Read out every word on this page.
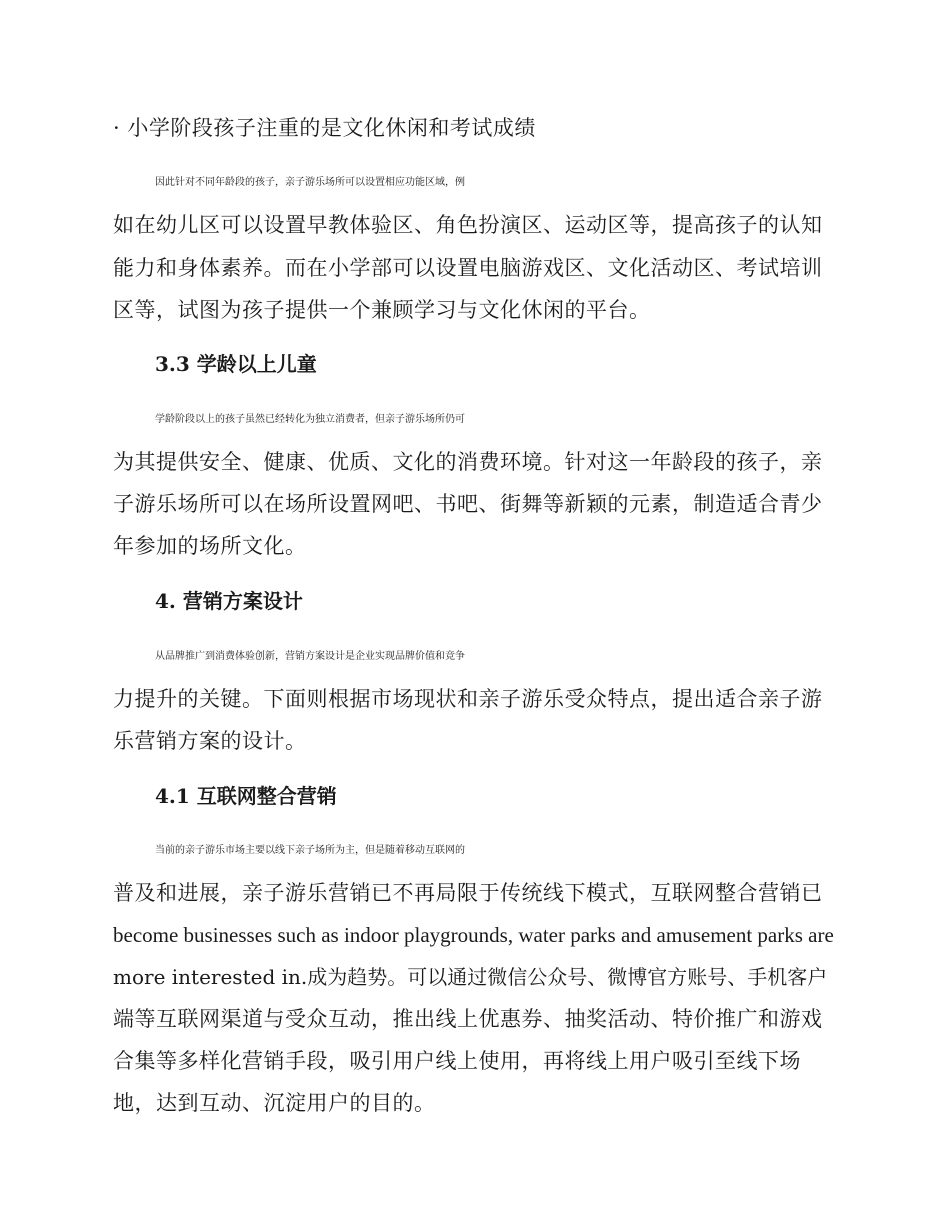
· 小学阶段孩子注重的是文化休闲和考试成绩
因此针对不同年龄段的孩子，亲子游乐场所可以设置相应功能区域，例
如在幼儿区可以设置早教体验区、角色扮演区、运动区等，提高孩子的认知
能力和身体素养。而在小学部可以设置电脑游戏区、文化活动区、考试培训
区等，试图为孩子提供一个兼顾学习与文化休闲的平台。
3.3 学龄以上儿童
学龄阶段以上的孩子虽然已经转化为独立消费者，但亲子游乐场所仍可
为其提供安全、健康、优质、文化的消费环境。针对这一年龄段的孩子，亲
子游乐场所可以在场所设置网吧、书吧、街舞等新颖的元素，制造适合青少
年参加的场所文化。
4. 营销方案设计
从品牌推广到消费体验创新，营销方案设计是企业实现品牌价值和竞争
力提升的关键。下面则根据市场现状和亲子游乐受众特点，提出适合亲子游
乐营销方案的设计。
4.1 互联网整合营销
当前的亲子游乐市场主要以线下亲子场所为主，但是随着移动互联网的
普及和进展，亲子游乐营销已不再局限于传统线下模式，互联网整合营销已
become businesses such as indoor playgrounds, water parks and amusement parks are
more interested in.成为趋势。可以通过微信公众号、微博官方账号、手机客户
端等互联网渠道与受众互动，推出线上优惠券、抽奖活动、特价推广和游戏
合集等多样化营销手段，吸引用户线上使用，再将线上用户吸引至线下场
地，达到互动、沉淀用户的目的。
